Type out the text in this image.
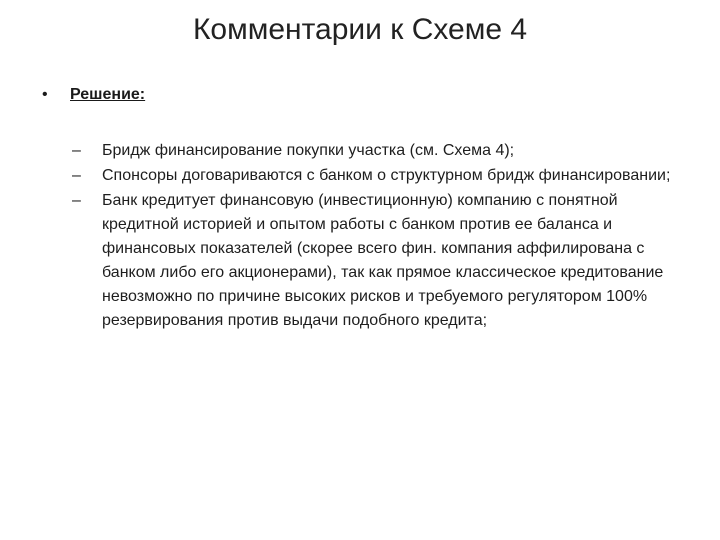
Комментарии к Схеме 4
•	Решение:
–	Бридж финансирование покупки участка (см. Схема 4);
–	Спонсоры договариваются с банком о структурном бридж финансировании;
–	Банк кредитует финансовую (инвестиционную) компанию с понятной кредитной историей и опытом работы с банком против ее баланса и финансовых показателей (скорее всего фин. компания аффилирована с банком либо его акционерами), так как прямое классическое кредитование невозможно по причине высоких рисков и требуемого регулятором 100% резервирования против выдачи подобного кредита;
